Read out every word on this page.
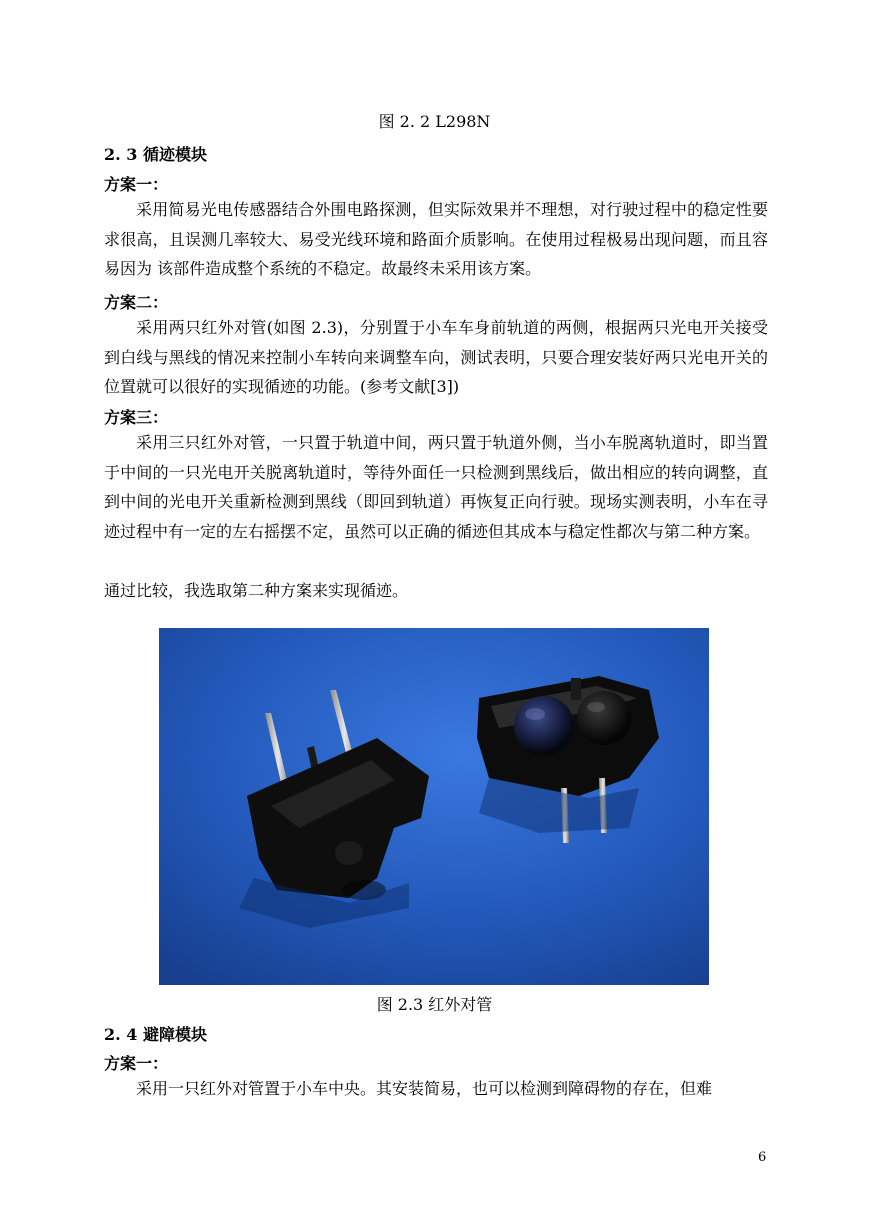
图 2. 2 L298N
2. 3 循迹模块
方案一：

采用简易光电传感器结合外围电路探测，但实际效果并不理想，对行驶过程中的稳定性要求很高，且误测几率较大、易受光线环境和路面介质影响。在使用过程极易出现问题，而且容易因为 该部件造成整个系统的不稳定。故最终未采用该方案。

方案二：

采用两只红外对管(如图 2.3)，分别置于小车车身前轨道的两侧，根据两只光电开关接受到白线与黑线的情况来控制小车转向来调整车向，测试表明，只要合理安装好两只光电开关的位置就可以很好的实现循迹的功能。(参考文献[3])

方案三：

采用三只红外对管，一只置于轨道中间，两只置于轨道外侧，当小车脱离轨道时，即当置于中间的一只光电开关脱离轨道时，等待外面任一只检测到黑线后，做出相应的转向调整，直到中间的光电开关重新检测到黑线（即回到轨道）再恢复正向行驶。现场实测表明，小车在寻迹过程中有一定的左右摇摆不定，虽然可以正确的循迹但其成本与稳定性都次与第二种方案。

通过比较，我选取第二种方案来实现循迹。
图 2.3 红外对管
2. 4 避障模块
方案一：

采用一只红外对管置于小车中央。其安装简易，也可以检测到障碍物的存在，但难

6
